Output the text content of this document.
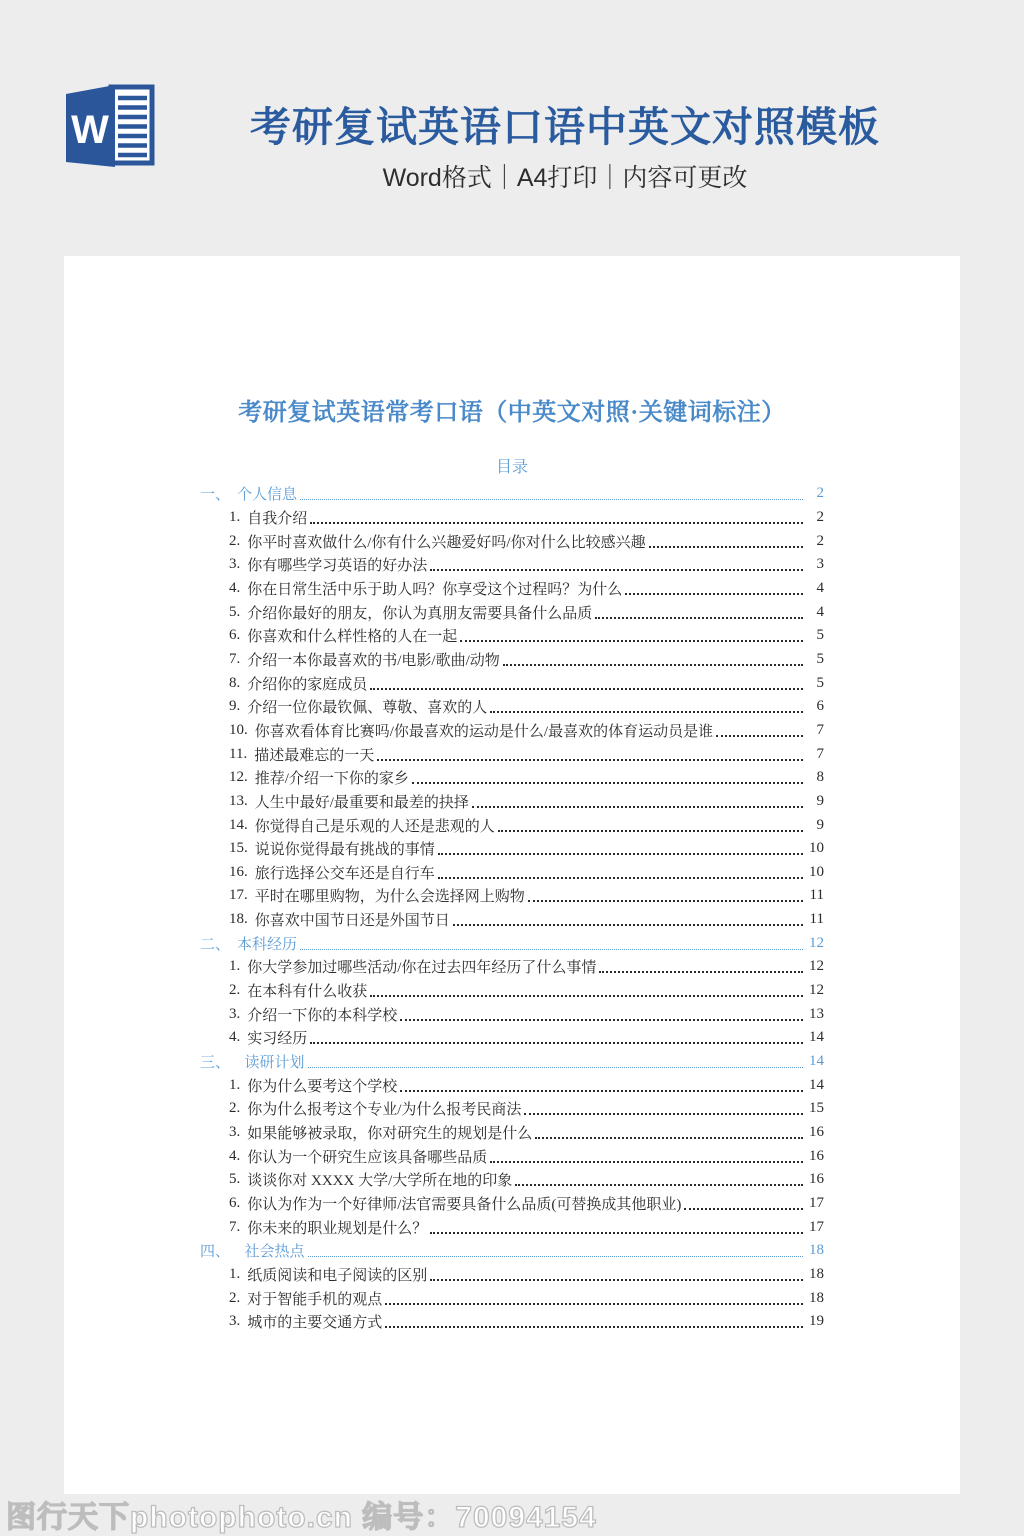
W	考研复试英语口语中英文对照模板
Word格式｜A4打印｜内容可更改
考研复试英语常考口语（中英文对照·关键词标注）
目录
一、 个人信息	2
1. 自我介绍	2
2. 你平时喜欢做什么/你有什么兴趣爱好吗/你对什么比较感兴趣	2
3. 你有哪些学习英语的好办法	3
4. 你在日常生活中乐于助人吗？你享受这个过程吗？为什么	4
5. 介绍你最好的朋友，你认为真朋友需要具备什么品质	4
6. 你喜欢和什么样性格的人在一起	5
7. 介绍一本你最喜欢的书/电影/歌曲/动物	5
8. 介绍你的家庭成员	5
9. 介绍一位你最钦佩、尊敬、喜欢的人	6
10. 你喜欢看体育比赛吗/你最喜欢的运动是什么/最喜欢的体育运动员是谁	7
11. 描述最难忘的一天	7
12. 推荐/介绍一下你的家乡	8
13. 人生中最好/最重要和最差的抉择	9
14. 你觉得自己是乐观的人还是悲观的人	9
15. 说说你觉得最有挑战的事情	10
16. 旅行选择公交车还是自行车	10
17. 平时在哪里购物，为什么会选择网上购物	11
18. 你喜欢中国节日还是外国节日	11
二、 本科经历	12
1. 你大学参加过哪些活动/你在过去四年经历了什么事情	12
2. 在本科有什么收获	12
3. 介绍一下你的本科学校	13
4. 实习经历	14
三、　 读研计划	14
1. 你为什么要考这个学校	14
2. 你为什么报考这个专业/为什么报考民商法	15
3. 如果能够被录取，你对研究生的规划是什么	16
4. 你认为一个研究生应该具备哪些品质	16
5. 谈谈你对 XXXX 大学/大学所在地的印象	16
6. 你认为作为一个好律师/法官需要具备什么品质(可替换成其他职业)	17
7. 你未来的职业规划是什么？	17
四、　 社会热点	18
1. 纸质阅读和电子阅读的区别	18
2. 对于智能手机的观点	18
3. 城市的主要交通方式	19
图行天下photophoto.cn 编号：70094154
